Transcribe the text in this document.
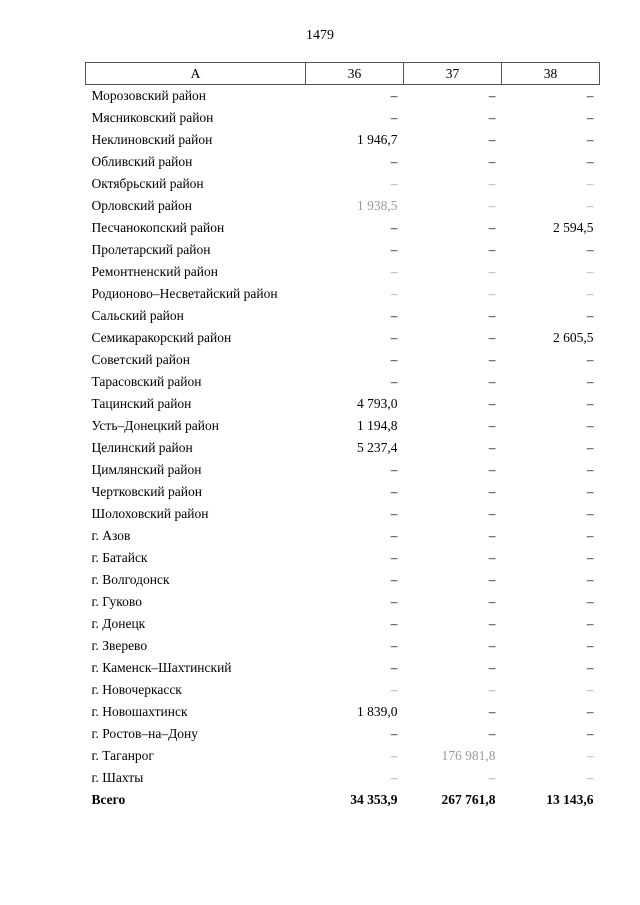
1479
А	36	37	38
Морозовский район	–	–	–
Мясниковский район	–	–	–
Неклиновский район	1 946,7	–	–
Обливский район	–	–	–
Октябрьский район	–	–	–
Орловский район	1 938,5	–	–
Песчанокопский район	–	–	2 594,5
Пролетарский район	–	–	–
Ремонтненский район	–	–	–
Родионово–Несветайский район	–	–	–
Сальский район	–	–	–
Семикаракорский район	–	–	2 605,5
Советский район	–	–	–
Тарасовский район	–	–	–
Тацинский район	4 793,0	–	–
Усть–Донецкий район	1 194,8	–	–
Целинский район	5 237,4	–	–
Цимлянский район	–	–	–
Чертковский район	–	–	–
Шолоховский район	–	–	–
г. Азов	–	–	–
г. Батайск	–	–	–
г. Волгодонск	–	–	–
г. Гуково	–	–	–
г. Донецк	–	–	–
г. Зверево	–	–	–
г. Каменск–Шахтинский	–	–	–
г. Новочеркасск	–	–	–
г. Новошахтинск	1 839,0	–	–
г. Ростов–на–Дону	–	–	–
г. Таганрог	–	176 981,8	–
г. Шахты	–	–	–
Всего	34 353,9	267 761,8	13 143,6
